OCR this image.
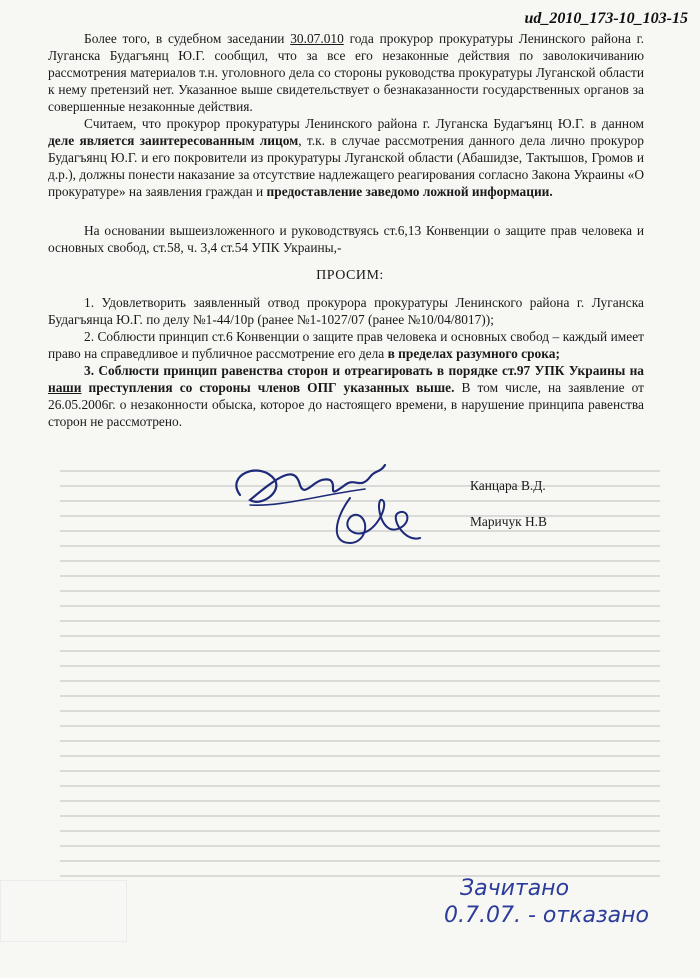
ud_2010_173-10_103-15

Более того, в судебном заседании 30.07.010 года прокурор прокуратуры Ленинского района г. Луганска Будагъянц Ю.Г. сообщил, что за все его незаконные действия по заволокичиванию рассмотрения материалов т.н. уголовного дела со стороны руководства прокуратуры Луганской области к нему претензий нет. Указанное выше свидетельствует о безнаказанности государственных органов за совершенные незаконные действия.

Считаем, что прокурор прокуратуры Ленинского района г. Луганска Будагъянц Ю.Г. в данном деле является заинтересованным лицом, т.к. в случае рассмотрения данного дела лично прокурор Будагъянц Ю.Г. и его покровители из прокуратуры Луганской области (Абашидзе, Тактышов, Громов и д.р.), должны понести наказание за отсутствие надлежащего реагирования согласно Закона Украины «О прокуратуре» на заявления граждан и предоставление заведомо ложной информации.

На основании вышеизложенного и руководствуясь ст.6,13 Конвенции о защите прав человека и основных свобод, ст.58, ч. 3,4 ст.54 УПК Украины,-

ПРОСИМ:

1. Удовлетворить заявленный отвод прокурора прокуратуры Ленинского района г. Луганска Будагъянца Ю.Г. по делу №1-44/10р (ранее №1-1027/07 (ранее №10/04/8017));

2. Соблюсти принцип ст.6 Конвенции о защите прав человека и основных свобод – каждый имеет право на справедливое и публичное рассмотрение его дела в пределах разумного срока;

3. Соблюсти принцип равенства сторон и отреагировать в порядке ст.97 УПК Украины на наши преступления со стороны членов ОПГ указанных выше. В том числе, на заявление от 26.05.2006г. о незаконности обыска, которое до настоящего времени, в нарушение принципа равенства сторон не рассмотрено.

Канцара В.Д.
Маричук Н.В
Зачитано
0.7.07. - отказано
